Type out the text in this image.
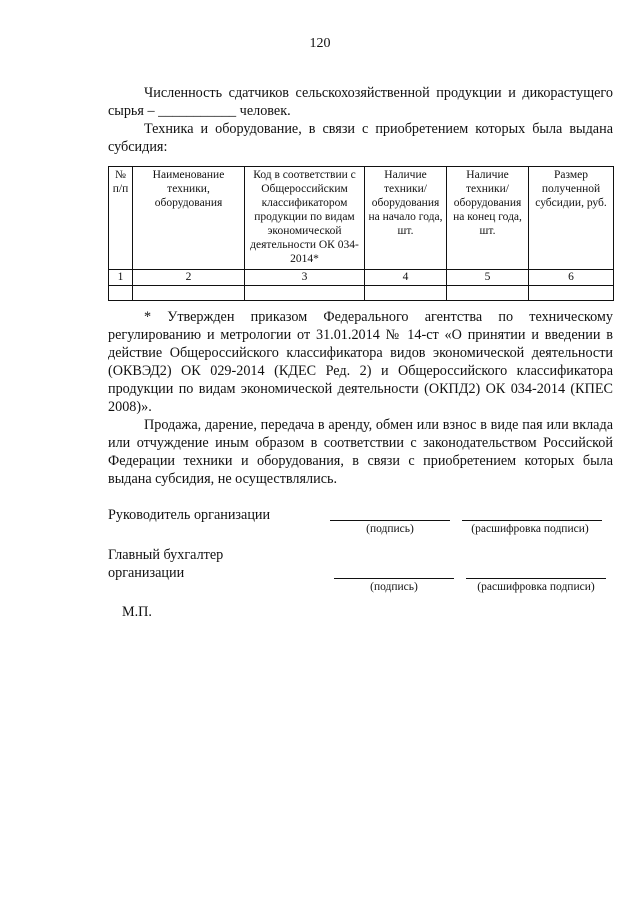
120

Численность сдатчиков сельскохозяйственной продукции и дикорастущего сырья – ___________ человек.

Техника и оборудование, в связи с приобретением которых была выдана субсидия:

№ п/п	Наименование техники, оборудования	Код в соответствии с Общероссийским классификатором продукции по видам экономической деятельности ОК 034-2014*	Наличие техники/ оборудования на начало года, шт.	Наличие техники/ оборудования на конец года, шт.	Размер полученной субсидии, руб.
1	2	3	4	5	6

* Утвержден приказом Федерального агентства по техническому регулированию и метрологии от 31.01.2014 № 14-ст «О принятии и введении в действие Общероссийского классификатора видов экономической деятельности (ОКВЭД2) ОК 029-2014 (КДЕС Ред. 2) и Общероссийского классификатора продукции по видам экономической деятельности (ОКПД2) ОК 034-2014 (КПЕС 2008)».

Продажа, дарение, передача в аренду, обмен или взнос в виде пая или вклада или отчуждение иным образом в соответствии с законодательством Российской Федерации техники и оборудования, в связи с приобретением которых была выдана субсидия, не осуществлялись.

Руководитель организации

(подпись)	(расшифровка подписи)

Главный бухгалтер

организации

(подпись)	(расшифровка подписи)
М.П.
